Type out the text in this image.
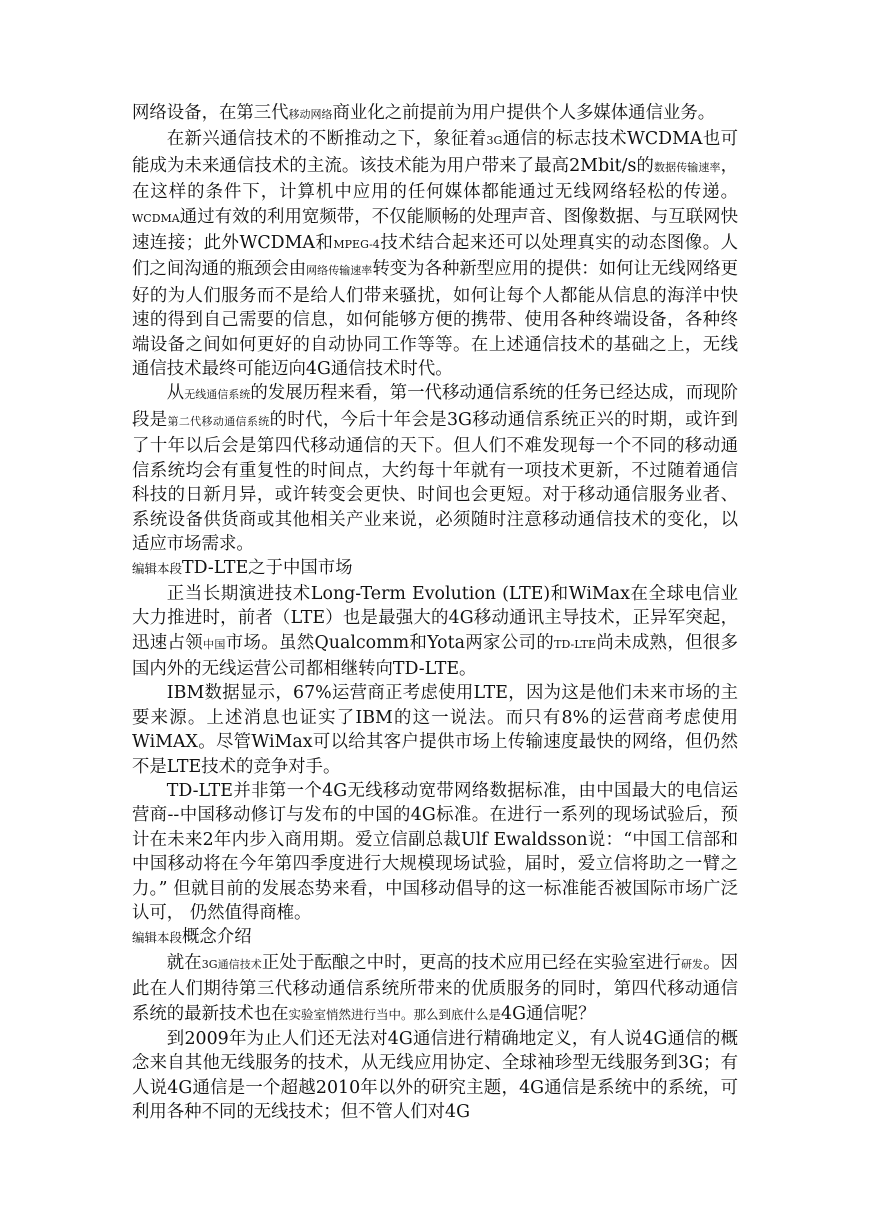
网络设备，在第三代移动网络商业化之前提前为用户提供个人多媒体通信业务。

在新兴通信技术的不断推动之下，象征着3G通信的标志技术WCDMA也可能成为未来通信技术的主流。该技术能为用户带来了最高2Mbit/s的数据传输速率，在这样的条件下，计算机中应用的任何媒体都能通过无线网络轻松的传递。WCDMA通过有效的利用宽频带，不仅能顺畅的处理声音、图像数据、与互联网快速连接；此外WCDMA和MPEG-4技术结合起来还可以处理真实的动态图像。人们之间沟通的瓶颈会由网络传输速率转变为各种新型应用的提供：如何让无线网络更好的为人们服务而不是给人们带来骚扰，如何让每个人都能从信息的海洋中快速的得到自己需要的信息，如何能够方便的携带、使用各种终端设备，各种终端设备之间如何更好的自动协同工作等等。在上述通信技术的基础之上，无线通信技术最终可能迈向4G通信技术时代。

从无线通信系统的发展历程来看，第一代移动通信系统的任务已经达成，而现阶段是第二代移动通信系统的时代，今后十年会是3G移动通信系统正兴的时期，或许到了十年以后会是第四代移动通信的天下。但人们不难发现每一个不同的移动通信系统均会有重复性的时间点，大约每十年就有一项技术更新，不过随着通信科技的日新月异，或许转变会更快、时间也会更短。对于移动通信服务业者、系统设备供货商或其他相关产业来说，必须随时注意移动通信技术的变化，以适应市场需求。

编辑本段TD-LTE之于中国市场

正当长期演进技术Long-Term Evolution (LTE)和WiMax在全球电信业大力推进时，前者（LTE）也是最强大的4G移动通讯主导技术，正异军突起，迅速占领中国市场。虽然Qualcomm和Yota两家公司的TD-LTE尚未成熟，但很多国内外的无线运营公司都相继转向TD-LTE。

IBM数据显示，67%运营商正考虑使用LTE，因为这是他们未来市场的主要来源。上述消息也证实了IBM的这一说法。而只有8%的运营商考虑使用WiMAX。尽管WiMax可以给其客户提供市场上传输速度最快的网络，但仍然不是LTE技术的竞争对手。

TD-LTE并非第一个4G无线移动宽带网络数据标准，由中国最大的电信运营商--中国移动修订与发布的中国的4G标准。在进行一系列的现场试验后，预计在未来2年内步入商用期。爱立信副总裁Ulf Ewaldsson说：“中国工信部和中国移动将在今年第四季度进行大规模现场试验，届时，爱立信将助之一臂之力。” 但就目前的发展态势来看，中国移动倡导的这一标准能否被国际市场广泛认可， 仍然值得商榷。

编辑本段概念介绍

就在3G通信技术正处于酝酿之中时，更高的技术应用已经在实验室进行研发。因此在人们期待第三代移动通信系统所带来的优质服务的同时，第四代移动通信系统的最新技术也在实验室悄然进行当中。那么到底什么是4G通信呢？

到2009年为止人们还无法对4G通信进行精确地定义，有人说4G通信的概念来自其他无线服务的技术，从无线应用协定、全球袖珍型无线服务到3G；有人说4G通信是一个超越2010年以外的研究主题，4G通信是系统中的系统，可利用各种不同的无线技术；但不管人们对4G
